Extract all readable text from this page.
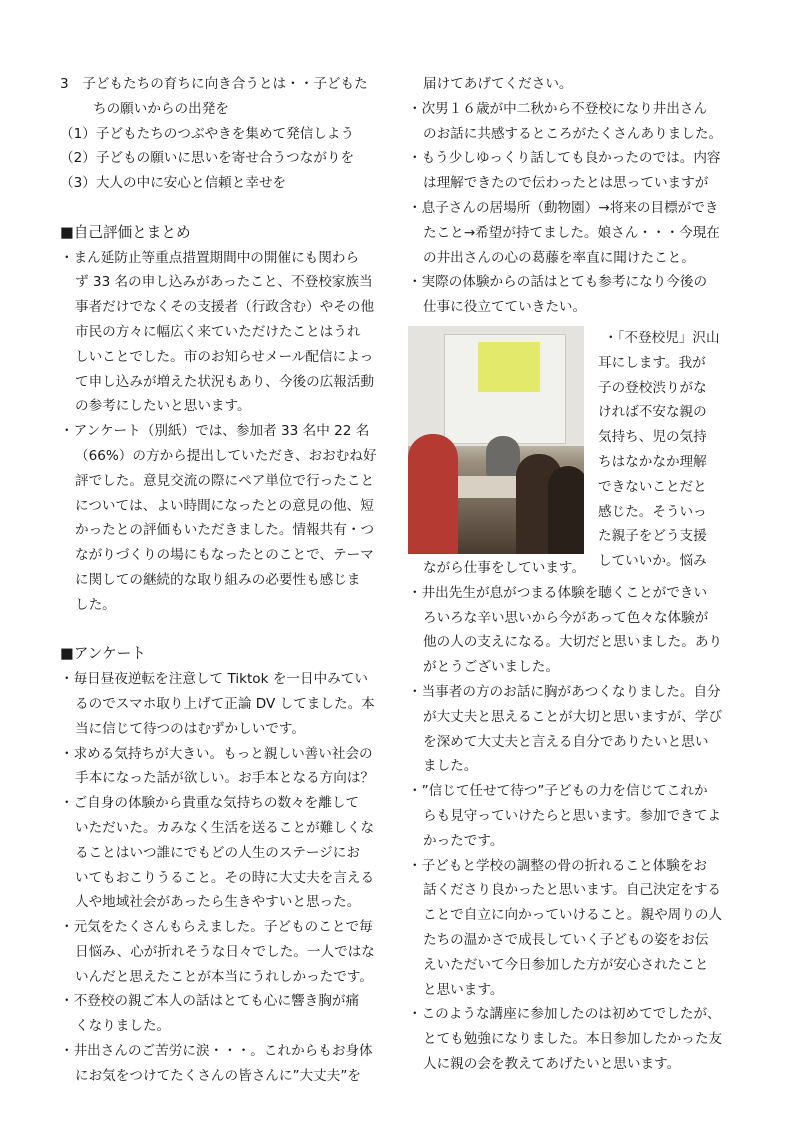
3　子どもたちの育ちに向き合うとは・・子どもた

ちの願いからの出発を

（1）子どもたちのつぶやきを集めて発信しよう

（2）子どもの願いに思いを寄せ合うつながりを

（3）大人の中に安心と信頼と幸せを

■自己評価とまとめ

・まん延防止等重点措置期間中の開催にも関わら

ず 33 名の申し込みがあったこと、不登校家族当

事者だけでなくその支援者（行政含む）やその他

市民の方々に幅広く来ていただけたことはうれ

しいことでした。市のお知らせメール配信によっ

て申し込みが増えた状況もあり、今後の広報活動

の参考にしたいと思います。

・アンケート（別紙）では、参加者 33 名中 22 名

（66%）の方から提出していただき、おおむね好

評でした。意見交流の際にペア単位で行ったこと

については、よい時間になったとの意見の他、短

かったとの評価もいただきました。情報共有・つ

ながりづくりの場にもなったとのことで、テーマ

に関しての継続的な取り組みの必要性も感じま

した。

■アンケート

・毎日昼夜逆転を注意して Tiktok を一日中みてい

るのでスマホ取り上げて正論 DV してました。本

当に信じて待つのはむずかしいです。

・求める気持ちが大きい。もっと親しい善い社会の

手本になった話が欲しい。お手本となる方向は？

・ご自身の体験から貴重な気持ちの数々を離して

いただいた。カみなく生活を送ることが難しくな

ることはいつ誰にでもどの人生のステージにお

いてもおこりうること。その時に大丈夫を言える

人や地域社会があったら生きやすいと思った。

・元気をたくさんもらえました。子どものことで毎

日悩み、心が折れそうな日々でした。一人ではな

いんだと思えたことが本当にうれしかったです。

・不登校の親ご本人の話はとても心に響き胸が痛

くなりました。

・井出さんのご苦労に涙・・・。これからもお身体

にお気をつけてたくさんの皆さんに”大丈夫”を

届けてあげてください。

・次男１６歳が中二秋から不登校になり井出さん

のお話に共感するところがたくさんありました。

・もう少しゆっくり話しても良かったのでは。内容

は理解できたので伝わったとは思っていますが

・息子さんの居場所（動物園）→将来の目標ができ

たこと→希望が持てました。娘さん・・・今現在

の井出さんの心の葛藤を率直に聞けたこと。

・実際の体験からの話はとても参考になり今後の

仕事に役立てていきたい。

・「不登校児」沢山

耳にします。我が

子の登校渋りがな

ければ不安な親の

気持ち、児の気持

ちはなかなか理解

できないことだと

感じた。そういっ

た親子をどう支援

していいか。悩み

ながら仕事をしています。

・井出先生が息がつまる体験を聴くことができい

ろいろな辛い思いから今があって色々な体験が

他の人の支えになる。大切だと思いました。あり

がとうございました。

・当事者の方のお話に胸があつくなりました。自分

が大丈夫と思えることが大切と思いますが、学び

を深めて大丈夫と言える自分でありたいと思い

ました。

・”信じて任せて待つ”子どもの力を信じてこれか

らも見守っていけたらと思います。参加できてよ

かったです。

・子どもと学校の調整の骨の折れること体験をお

話くださり良かったと思います。自己決定をする

ことで自立に向かっていけること。親や周りの人

たちの温かさで成長していく子どもの姿をお伝

えいただいて今日参加した方が安心されたこと

と思います。

・このような講座に参加したのは初めてでしたが、

とても勉強になりました。本日参加したかった友

人に親の会を教えてあげたいと思います。
